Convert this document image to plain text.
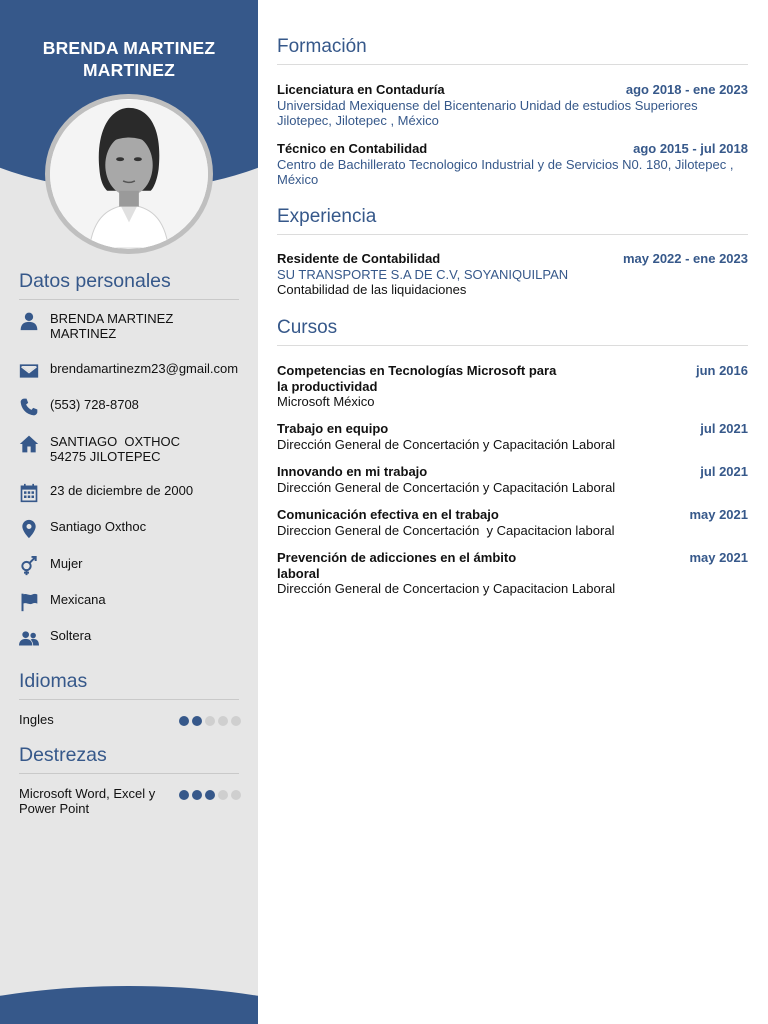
BRENDA MARTINEZ MARTINEZ
Datos personales
BRENDA MARTINEZ MARTINEZ
brendamartinezm23@gmail.com
(553) 728-8708
SANTIAGO  OXTHOC
54275 JILOTEPEC
23 de diciembre de 2000
Santiago Oxthoc
Mujer
Mexicana
Soltera
Idiomas
Ingles
Destrezas
Microsoft Word, Excel y Power Point
Formación
Licenciatura en Contaduría	ago 2018 - ene 2023
Universidad Mexiquense del Bicentenario Unidad de estudios Superiores Jilotepec, Jilotepec , México
Técnico en Contabilidad	ago 2015 - jul 2018
Centro de Bachillerato Tecnologico Industrial y de Servicios N0. 180, Jilotepec , México
Experiencia
Residente de Contabilidad	may 2022 - ene 2023
SU TRANSPORTE S.A DE C.V, SOYANIQUILPAN
Contabilidad de las liquidaciones
Cursos
Competencias en Tecnologías Microsoft para la productividad
jun 2016
Microsoft México
Trabajo en equipo	jul 2021
Dirección General de Concertación y Capacitación Laboral
Innovando en mi trabajo	jul 2021
Dirección General de Concertación y Capacitación Laboral
Comunicación efectiva en el trabajo	may 2021
Direccion General de Concertación  y Capacitacion laboral
Prevención de adicciones en el ámbito laboral
may 2021
Dirección General de Concertacion y Capacitacion Laboral
